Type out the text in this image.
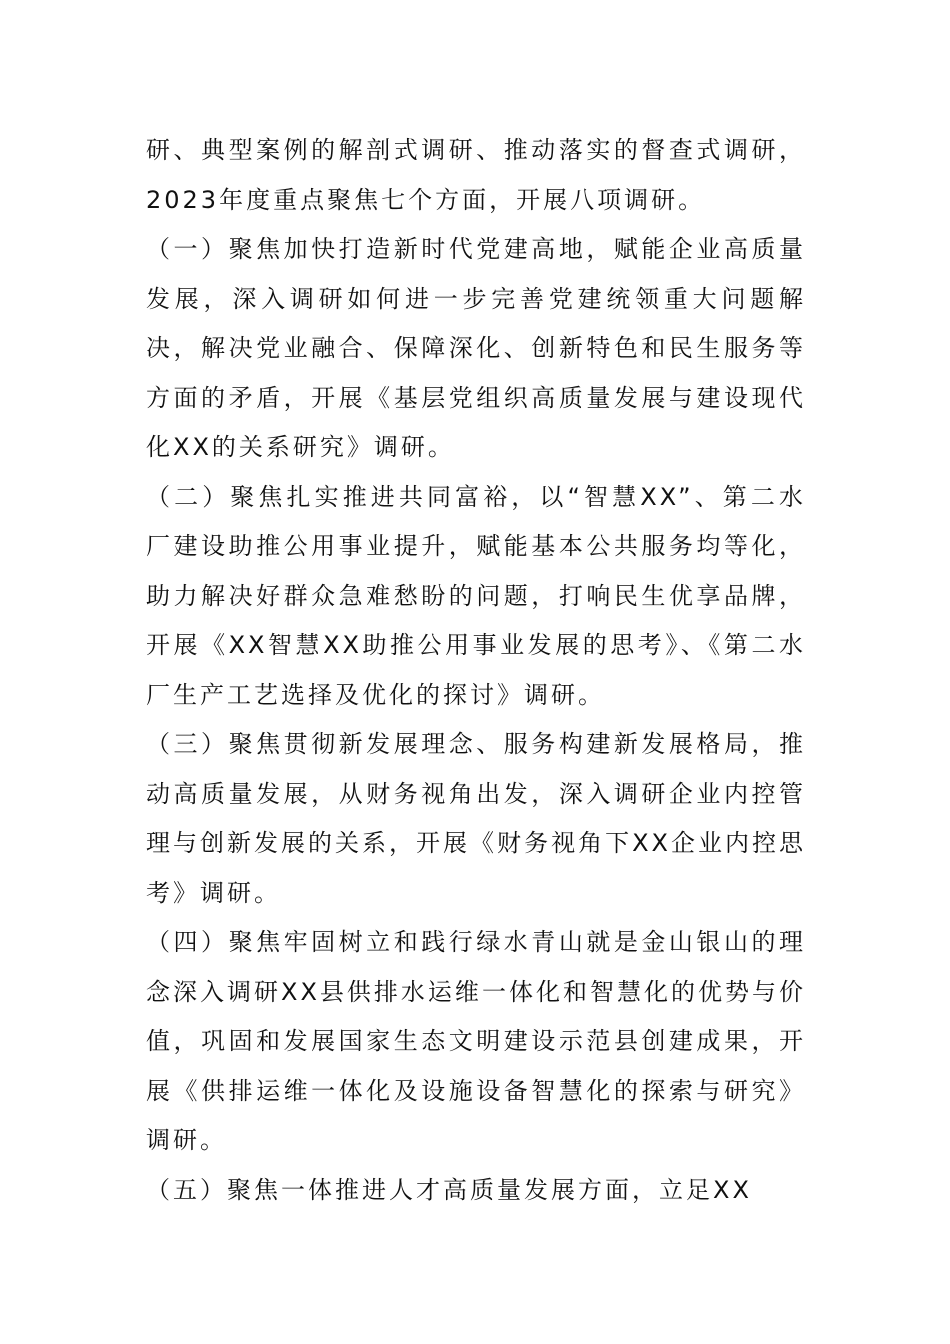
研、典型案例的解剖式调研、推动落实的督查式调研，2023年度重点聚焦七个方面，开展八项调研。

（一）聚焦加快打造新时代党建高地，赋能企业高质量发展，深入调研如何进一步完善党建统领重大问题解决，解决党业融合、保障深化、创新特色和民生服务等方面的矛盾，开展《基层党组织高质量发展与建设现代化XX的关系研究》调研。

（二）聚焦扎实推进共同富裕，以“智慧XX”、第二水厂建设助推公用事业提升，赋能基本公共服务均等化，助力解决好群众急难愁盼的问题，打响民生优享品牌，开展《XX智慧XX助推公用事业发展的思考》、《第二水厂生产工艺选择及优化的探讨》调研。

（三）聚焦贯彻新发展理念、服务构建新发展格局，推动高质量发展，从财务视角出发，深入调研企业内控管理与创新发展的关系，开展《财务视角下XX企业内控思考》调研。

（四）聚焦牢固树立和践行绿水青山就是金山银山的理念深入调研XX县供排水运维一体化和智慧化的优势与价值，巩固和发展国家生态文明建设示范县创建成果，开展《供排运维一体化及设施设备智慧化的探索与研究》调研。

（五）聚焦一体推进人才高质量发展方面，立足XX
